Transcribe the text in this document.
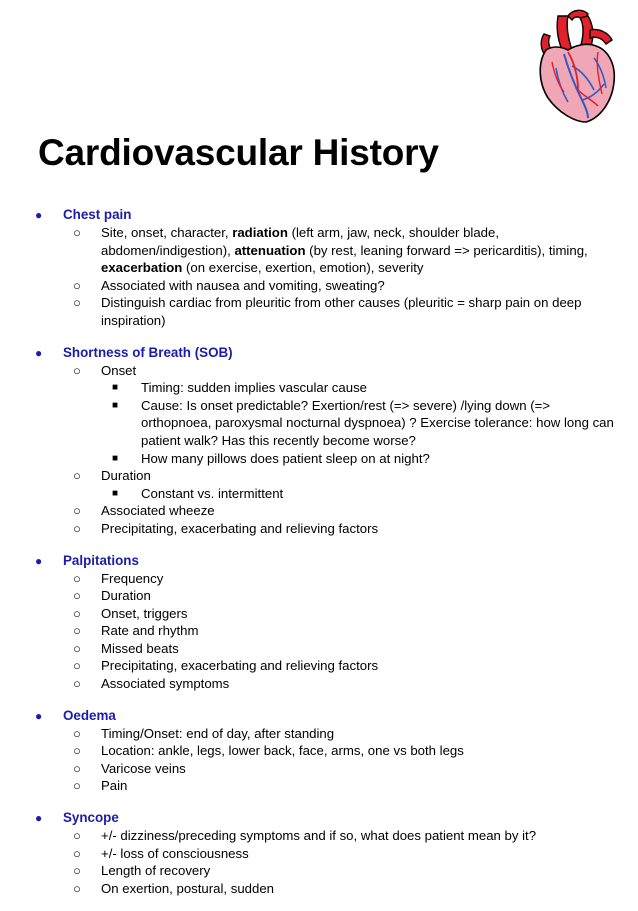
Cardiovascular History
● Chest pain
○ Site, onset, character, radiation (left arm, jaw, neck, shoulder blade, abdomen/indigestion), attenuation (by rest, leaning forward => pericarditis), timing, exacerbation (on exercise, exertion, emotion), severity
○ Associated with nausea and vomiting, sweating?
○ Distinguish cardiac from pleuritic from other causes (pleuritic = sharp pain on deep inspiration)
● Shortness of Breath (SOB)
○ Onset
■ Timing: sudden implies vascular cause
■ Cause: Is onset predictable? Exertion/rest (=> severe) /lying down (=> orthopnoea, paroxysmal nocturnal dyspnoea) ? Exercise tolerance: how long can patient walk? Has this recently become worse?
■ How many pillows does patient sleep on at night?
○ Duration
■ Constant vs. intermittent
○ Associated wheeze
○ Precipitating, exacerbating and relieving factors
● Palpitations
○ Frequency
○ Duration
○ Onset, triggers
○ Rate and rhythm
○ Missed beats
○ Precipitating, exacerbating and relieving factors
○ Associated symptoms
● Oedema
○ Timing/Onset: end of day, after standing
○ Location: ankle, legs, lower back, face, arms, one vs both legs
○ Varicose veins
○ Pain
● Syncope
○ +/- dizziness/preceding symptoms and if so, what does patient mean by it?
○ +/- loss of consciousness
○ Length of recovery
○ On exertion, postural, sudden
